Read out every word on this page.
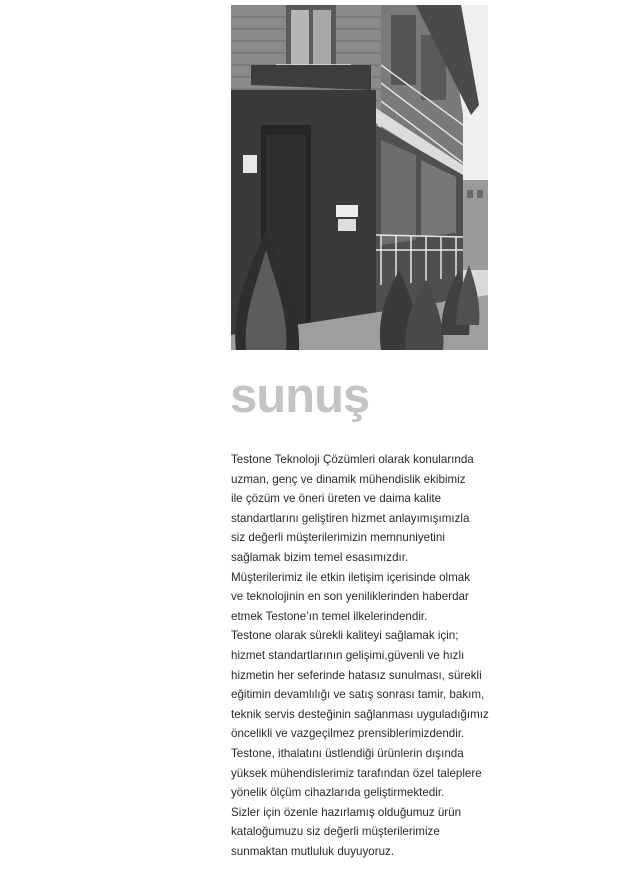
sunuş

Testone Teknoloji Çözümleri olarak konularında

uzman, genç ve dinamik mühendislik ekibimiz

ile çözüm ve öneri üreten ve daima kalite

standartlarını geliştiren hizmet anlayımışımızla

siz değerli müşterilerimizin memnuniyetini

sağlamak bizim temel esasımızdır.

Müşterilerimiz ile etkin iletişim içerisinde olmak

ve teknolojinin en son yeniliklerinden haberdar

etmek Testone’ın temel ilkelerindendir.

Testone olarak sürekli kaliteyi sağlamak için;

hizmet standartlarının gelişimi,güvenli ve hızlı

hizmetin her seferinde hatasız sunulması, sürekli

eğitimin devamlılığı ve satış sonrası tamir, bakım,

teknik servis desteğinin sağlanması uyguladığımız

öncelikli ve vazgeçilmez prensiblerimizdendir.

Testone, ithalatını üstlendiği ürünlerin dışında

yüksek mühendislerimiz tarafından özel taleplere

yönelik ölçüm cihazlarıda geliştirmektedir.

Sizler için özenle hazırlamış olduğumuz ürün

kataloğumuzu siz değerli müşterilerimize

sunmaktan mutluluk duyuyoruz.
